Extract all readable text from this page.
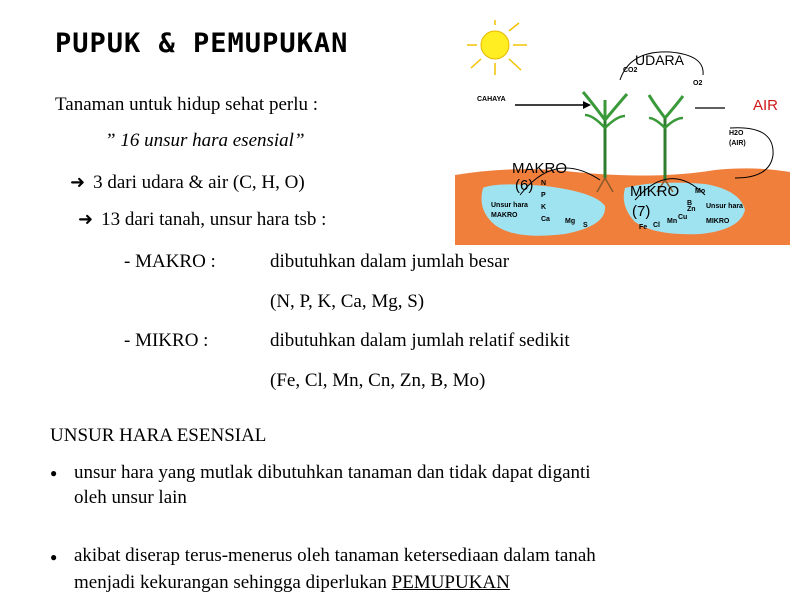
PUPUK & PEMUPUKAN
UDARA
CO2
O2
CAHAYA	AIR
H2O
(AIR)
MAKRO
(6)	MIKRO
(7)
Unsur hara
MAKRO
N
P
K
Ca Mg
S
Mo
B
Zn
Cu
Mn
Fe Cl
Unsur hara
MIKRO
Tanaman untuk hidup sehat perlu :
” 16 unsur hara esensial”
➜ 3 dari udara & air (C, H, O)
➜ 13 dari tanah, unsur hara tsb :
- MAKRO :	dibutuhkan dalam jumlah besar
(N, P, K, Ca, Mg, S)
- MIKRO :	dibutuhkan dalam jumlah relatif sedikit
(Fe, Cl, Mn, Cn, Zn, B, Mo)
UNSUR HARA ESENSIAL
● unsur hara yang mutlak dibutuhkan tanaman dan tidak dapat diganti
oleh unsur lain
● akibat diserap terus-menerus oleh tanaman ketersediaan dalam tanah
menjadi kekurangan sehingga diperlukan PEMUPUKAN
